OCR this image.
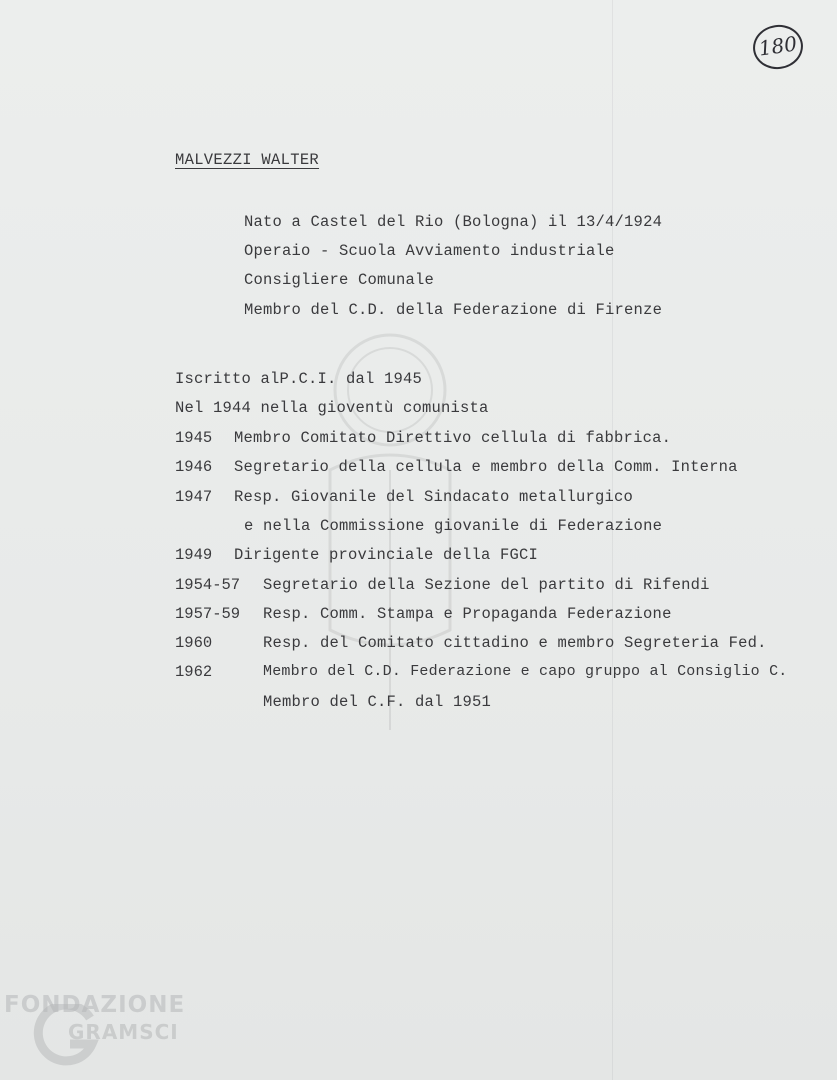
180
MALVEZZI WALTER
Nato a Castel del Rio (Bologna) il 13/4/1924
Operaio - Scuola Avviamento industriale
Consigliere Comunale
Membro del C.D. della Federazione di Firenze
Iscritto alP.C.I. dal 1945
Nel 1944 nella gioventù comunista
1945 Membro Comitato Direttivo cellula di fabbrica.
1946 Segretario della cellula e membro della Comm. Interna
1947 Resp. Giovanile del Sindacato metallurgico
e nella Commissione giovanile di Federazione
1949 Dirigente provinciale della FGCI
1954-57 Segretario della Sezione del partito di Rifendi
1957-59 Resp. Comm. Stampa e Propaganda Federazione
1960	Resp. del Comitato cittadino e membro Segreteria Fed.
1962	Membro del C.D. Federazione e capo gruppo al Consiglio C.
Membro del C.F. dal 1951
FONDAZIONE
GRAMSCI
